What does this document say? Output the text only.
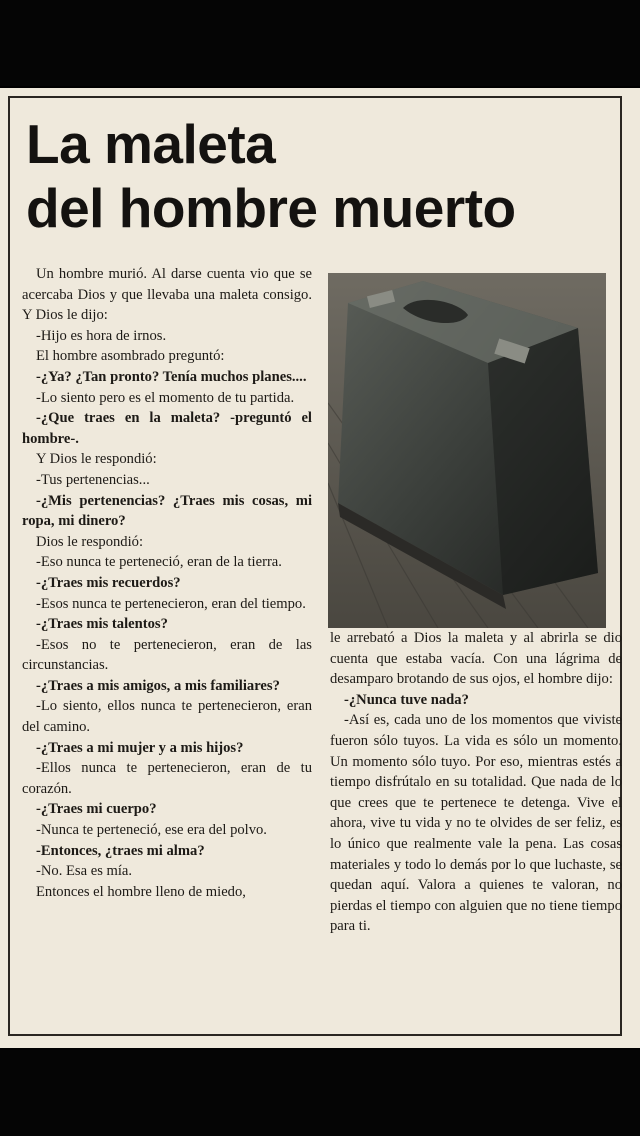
La maleta
del hombre muerto

Un hombre murió. Al darse cuenta vio que se acercaba Dios y que llevaba una maleta consigo. Y Dios le dijo:

-Hijo es hora de irnos.

El hombre asombrado preguntó:

-¿Ya? ¿Tan pronto? Tenía muchos planes....

-Lo siento pero es el momento de tu partida.

-¿Que traes en la maleta? -preguntó el hombre-.

Y Dios le respondió:

-Tus pertenencias...

-¿Mis pertenencias? ¿Traes mis cosas, mi ropa, mi dinero?

Dios le respondió:

-Eso nunca te perteneció, eran de la tierra.

-¿Traes mis recuerdos?

-Esos nunca te pertenecieron, eran del tiempo.

-¿Traes mis talentos?

-Esos no te pertenecieron, eran de las circunstancias.

-¿Traes a mis amigos, a mis familiares?

-Lo siento, ellos nunca te pertenecieron, eran del camino.

-¿Traes a mi mujer y a mis hijos?

-Ellos nunca te pertenecieron, eran de tu corazón.

-¿Traes mi cuerpo?

-Nunca te perteneció, ese era del polvo.

-Entonces, ¿traes mi alma?

-No. Esa es mía.

Entonces el hombre lleno de miedo,

le arrebató a Dios la maleta y al abrirla se dio cuenta que estaba vacía. Con una lágrima de desamparo brotando de sus ojos, el hombre dijo:

-¿Nunca tuve nada?

-Así es, cada uno de los momentos que viviste fueron sólo tuyos. La vida es sólo un momento. Un momento sólo tuyo. Por eso, mientras estés a tiempo disfrútalo en su totalidad. Que nada de lo que crees que te pertenece te detenga. Vive el ahora, vive tu vida y no te olvides de ser feliz, es lo único que realmente vale la pena. Las cosas materiales y todo lo demás por lo que luchaste, se quedan aquí. Valora a quienes te valoran, no pierdas el tiempo con alguien que no tiene tiempo para ti.
